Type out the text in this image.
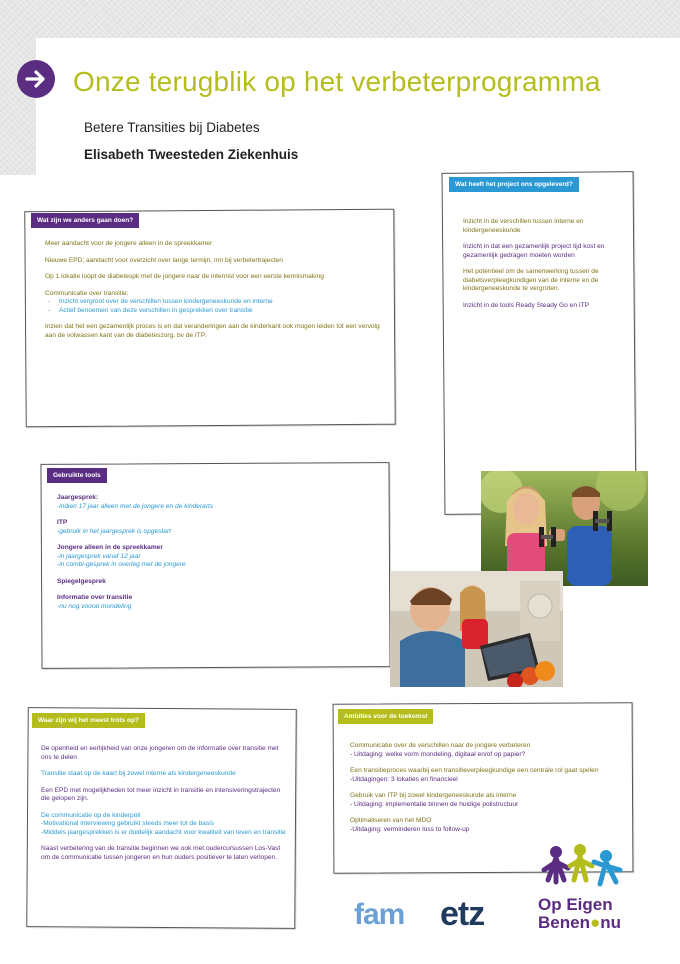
Onze terugblik op het verbeterprogramma
Betere Transities bij Diabetes
Elisabeth Tweesteden Ziekenhuis
Wat zijn we anders gaan doen?
Meer aandacht voor de jongere alleen in de spreekkamer
Nieuwe EPD; aandacht voor overzicht over lange termijn, mn bij verbetertrajecten
Op 1 lokatie loopt de diabetespk met de jongere naar de internist voor een eerste kennismaking
Communicatie over transitie:
- Inzicht vergroot over de verschillen tussen kindergeneeskunde en interne
- Actief benoemen van deze verschillen in gesprekken over transitie
Inzien dat het een gezamenlijk proces is en dat veranderingen aan de kinderkant ook mogen leiden tot een vervolg aan de volwassen kant van de diabeteszorg, bv de ITP.
Wat heeft het project ons opgeleverd?
Inzicht in de verschillen tussen interne en kindergeneeskunde
Inzicht in dat een gezamenlijk project tijd kost en gezamenlijk gedragen moeten worden
Het potentieel om de samenwerking tussen de diabetsverpleegkundigen van de interne en de kindergeneeskunde te vergroten.
Inzicht in de tools Ready Steady Go en ITP
Gebruikte tools
Jaargesprek:
-indien 17 jaar alleen met de jongere en de kinderarts
ITP
-gebruik in het jaargesprek is opgestart
Jongere alleen in de spreekkamer
-in jaargesprek vanaf 12 jaar
-in combi-gesprek in overleg met de jongere
Spiegelgesprek
Informatie over transitie
-nu nog vooral mondeling
Waar zijn wij het meest trots op?
De openheid en eerlijkheid van onze jongeren om de informatie over transitie met ons te delen
Transitie staat op de kaart bij zowel interne als kindergeneeskunde
Een EPD met mogelijkheden tot meer inzicht in transitie en intensiveringstrajecten die gelopen zijn.
De communicatie op de kinderpoli
-Motivational interviewing gebruikt steeds meer tot de basis
-Middels jaargesprekken is er duidelijk aandacht voor kwaliteit van leven en transitie
Naast verbetering van de transitie beginnen we ook met oudercursussen Los-Vast om de communicatie tussen jongeren en hun ouders positiever te laten verlopen.
Ambities voor de toekomst
Communicatie over de verschillen naar de jongere verbeteren
- Uitdaging: welke vorm mondeling, digitaal en/of op papier?
Een transitieproces waarbij een transitieverpleegkundige een centrale rol gaat spelen
-Uitdagingen: 3 lokaties en financieel
Gebruik van ITP bij zowel kindergeneeskunde als interne
- Uitdaging: implementatie binnen de huidige polistructuur
Optimaliseren van het MDO
-Uitdaging: verminderen loss to follow-up
fam etz	Op Eigen
Benen●nu
